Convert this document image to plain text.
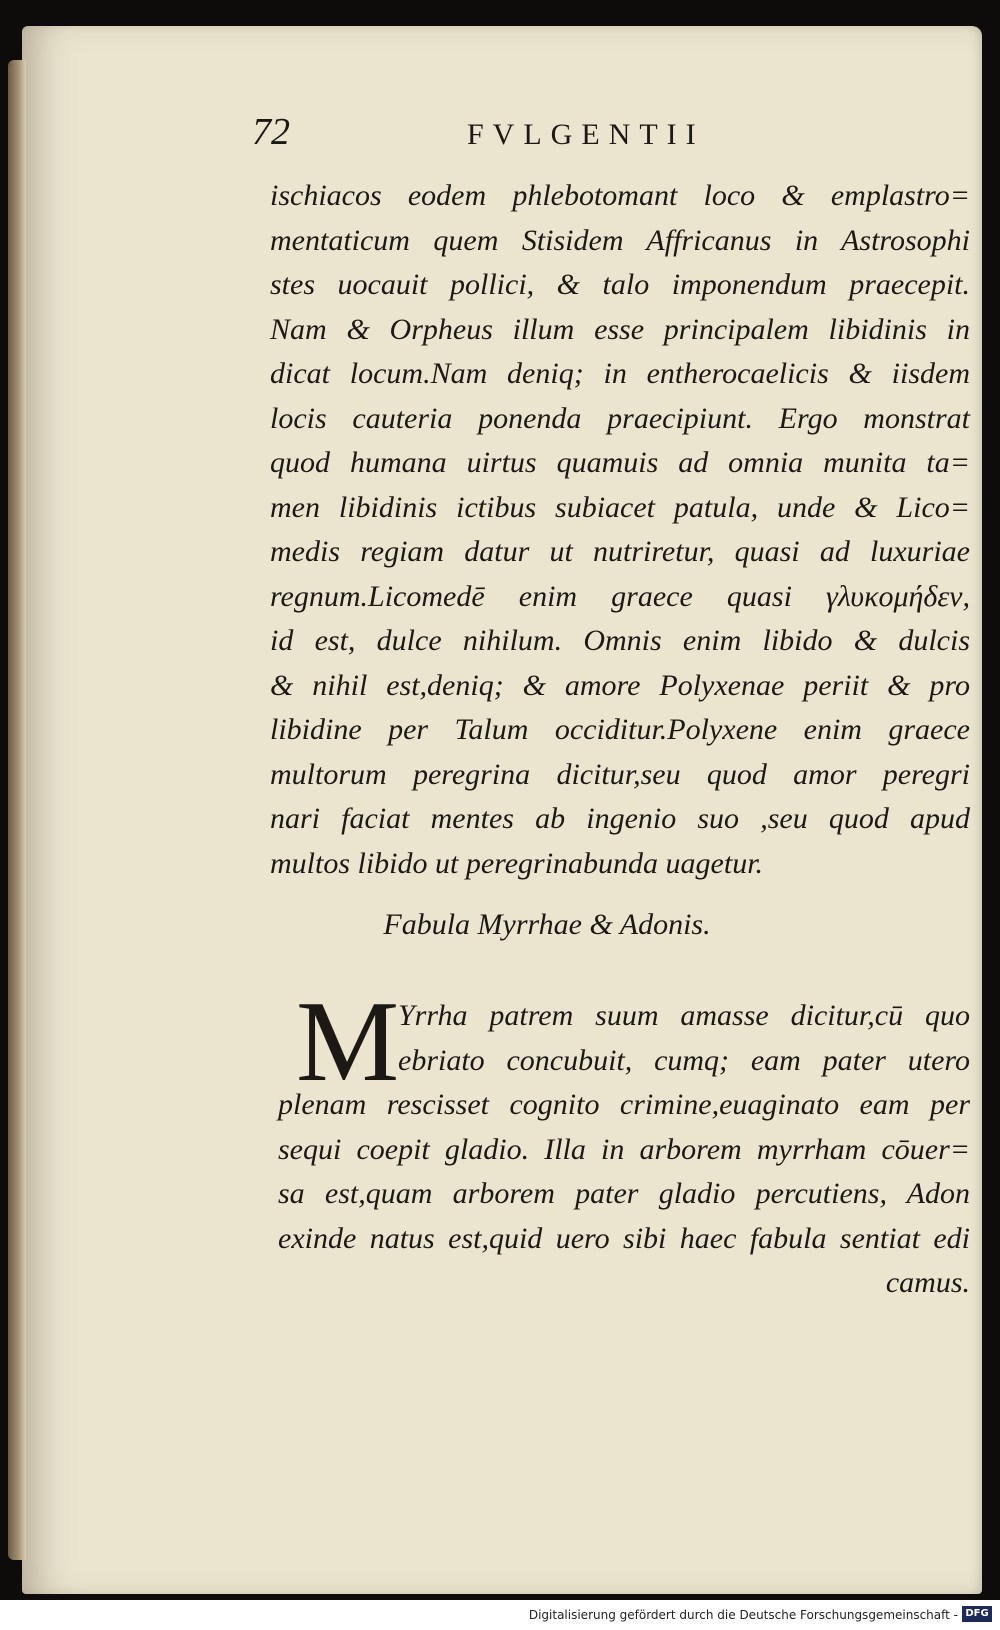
72	FVLGENTII
ischiacos eodem phlebotomant loco & emplastro=
mentaticum quem Stisidem Affricanus in Astrosophi
stes uocauit pollici, & talo imponendum praecepit.
Nam & Orpheus illum esse principalem libidinis in
dicat locum.Nam deniq; in entherocaelicis & iisdem
locis cauteria ponenda praecipiunt. Ergo monstrat
quod humana uirtus quamuis ad omnia munita ta=
men libidinis ictibus subiacet patula, unde & Lico=
medis regiam datur ut nutriretur, quasi ad luxuriae
regnum.Licomedē enim graece quasi γλυκομήδεν,
id est, dulce nihilum. Omnis enim libido & dulcis
& nihil est,deniq; & amore Polyxenae periit & pro
libidine per Talum occiditur.Polyxene enim graece
multorum peregrina dicitur,seu quod amor peregri
nari faciat mentes ab ingenio suo ,seu quod apud
multos libido ut peregrinabunda uagetur.
Fabula Myrrhae & Adonis.
M
Yrrha patrem suum amasse dicitur,cū quo
ebriato concubuit, cumq; eam pater utero
plenam rescisset cognito crimine,euaginato eam per
sequi coepit gladio. Illa in arborem myrrham cōuer=
sa est,quam arborem pater gladio percutiens, Adon
exinde natus est,quid uero sibi haec fabula sentiat edi
camus.
Digitalisierung gefördert durch die Deutsche Forschungsgemeinschaft - DFG
